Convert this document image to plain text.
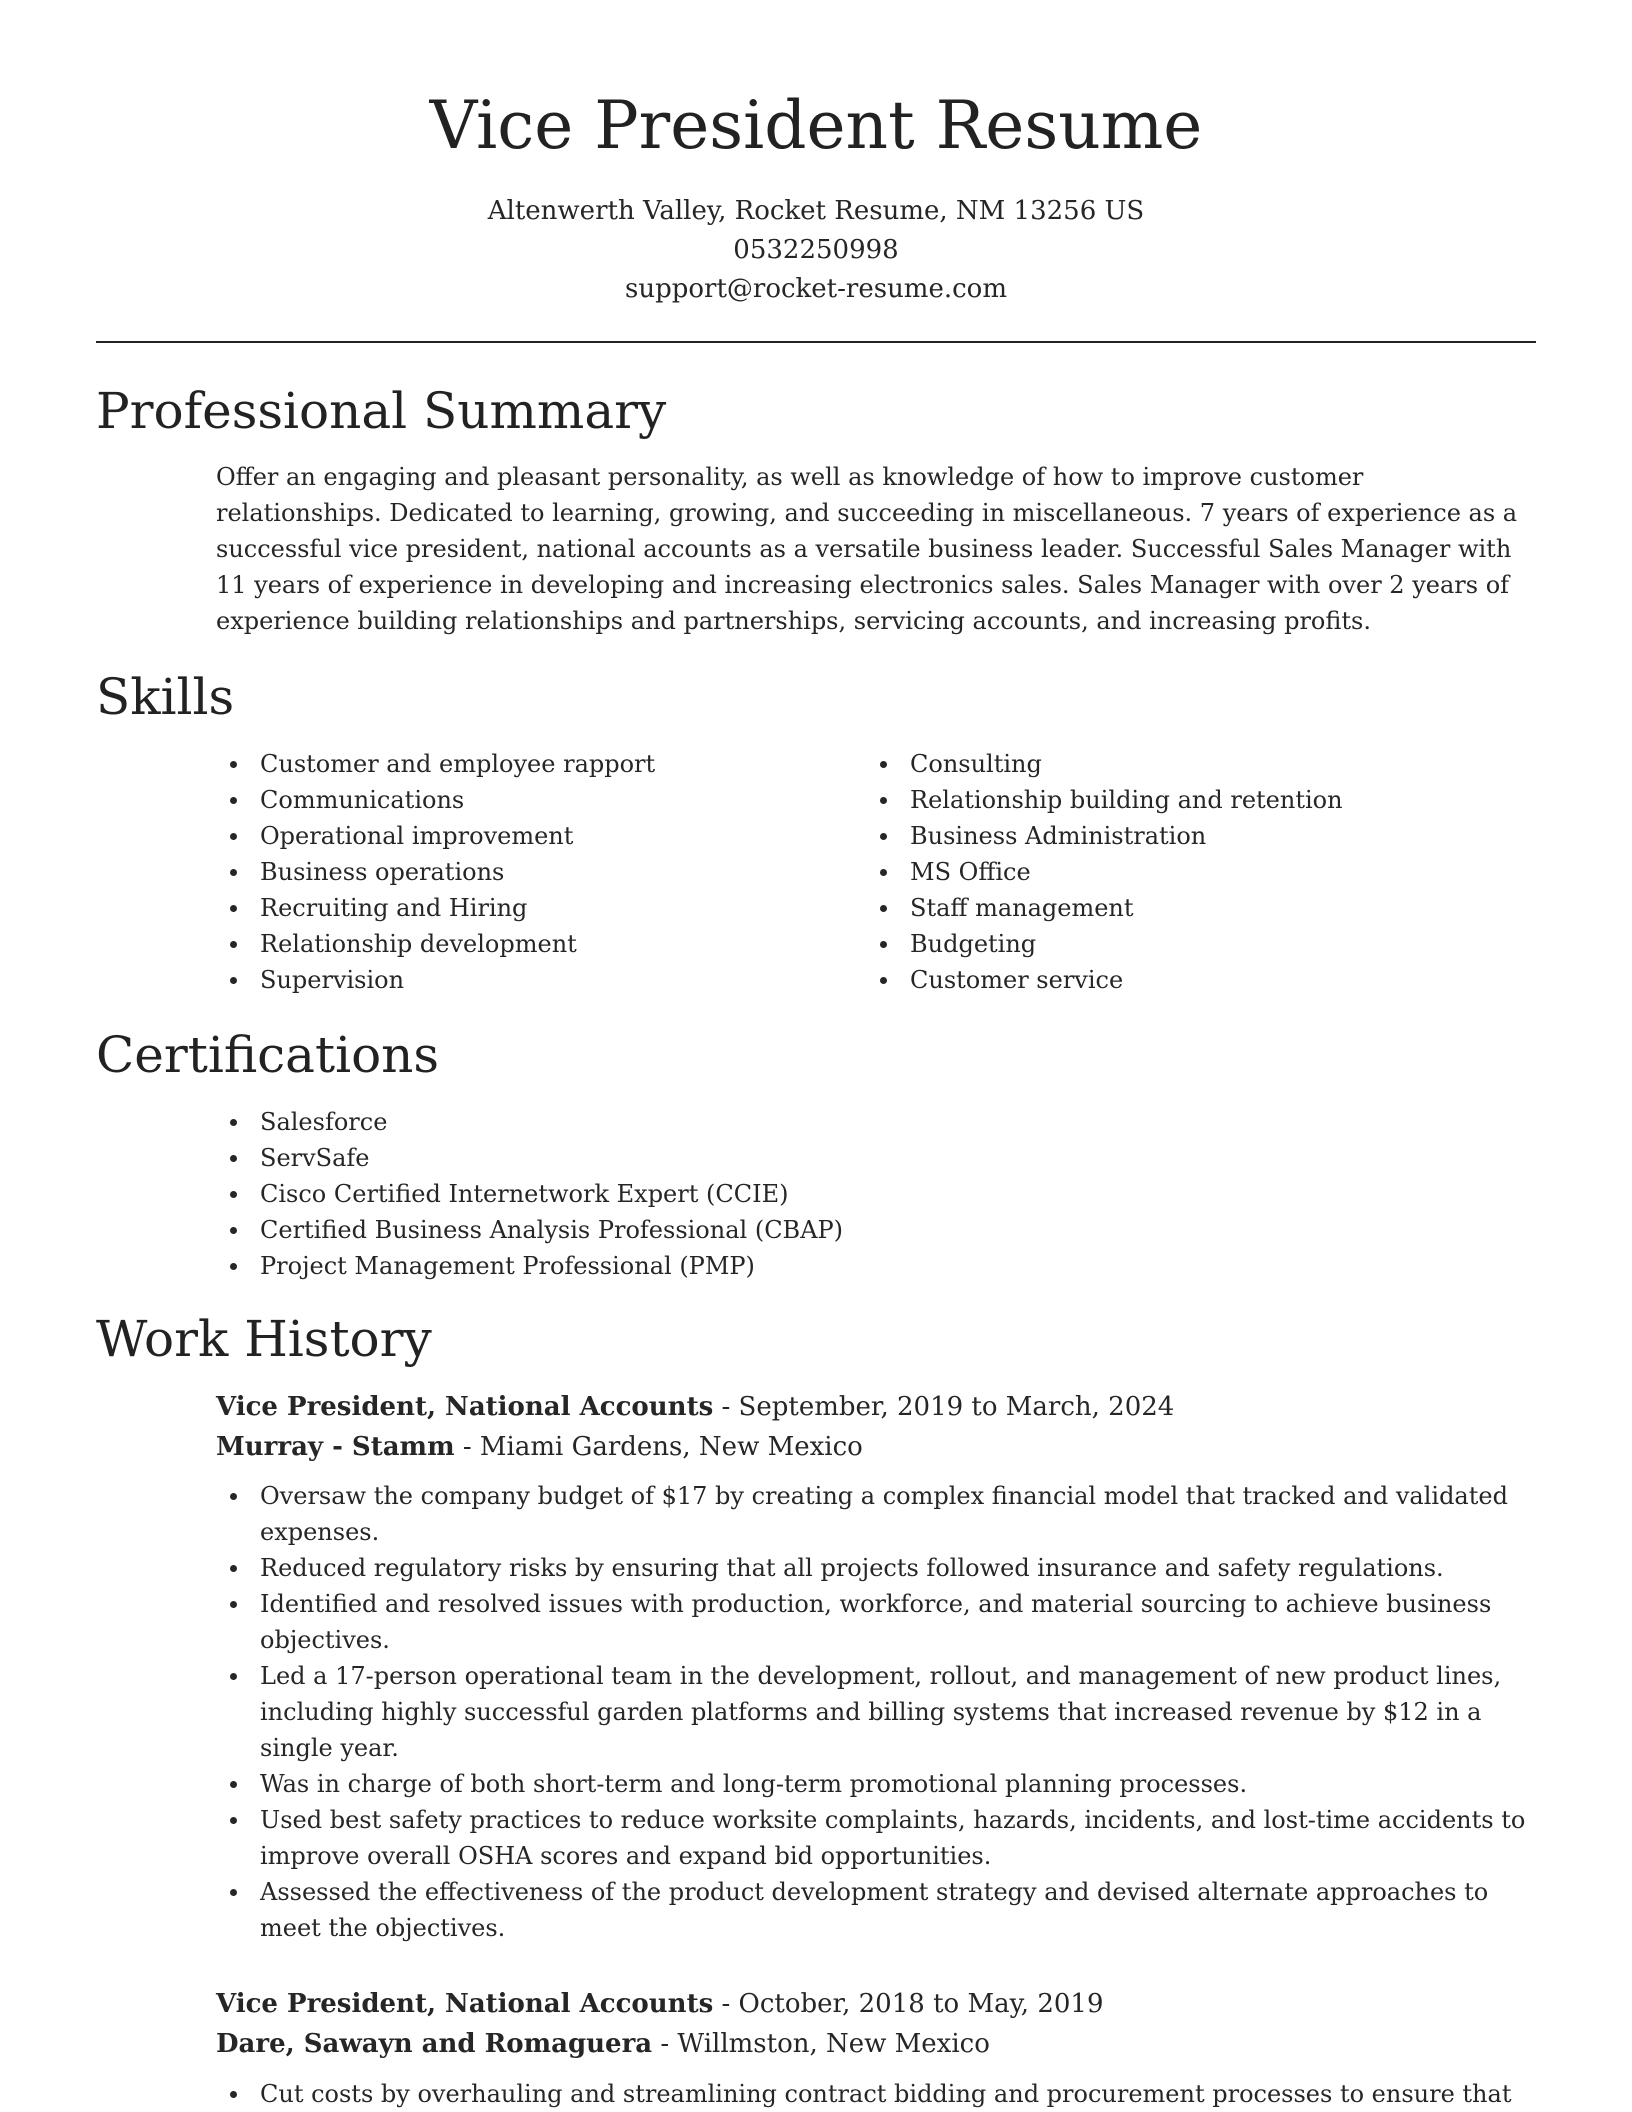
Vice President Resume
Altenwerth Valley, Rocket Resume, NM 13256 US
0532250998
support@rocket-resume.com
Professional Summary

Offer an engaging and pleasant personality, as well as knowledge of how to improve customer relationships. Dedicated to learning, growing, and succeeding in miscellaneous. 7 years of experience as a successful vice president, national accounts as a versatile business leader. Successful Sales Manager with 11 years of experience in developing and increasing electronics sales. Sales Manager with over 2 years of experience building relationships and partnerships, servicing accounts, and increasing profits.

Skills
Customer and employee rapport
Communications
Operational improvement
Business operations
Recruiting and Hiring
Relationship development
Supervision
Consulting
Relationship building and retention
Business Administration
MS Office
Staff management
Budgeting
Customer service
Certifications
Salesforce
ServSafe
Cisco Certified Internetwork Expert (CCIE)
Certified Business Analysis Professional (CBAP)
Project Management Professional (PMP)
Work History
Vice President, National Accounts - September, 2019 to March, 2024
Murray - Stamm - Miami Gardens, New Mexico
Oversaw the company budget of $17 by creating a complex financial model that tracked and validated expenses.
Reduced regulatory risks by ensuring that all projects followed insurance and safety regulations.
Identified and resolved issues with production, workforce, and material sourcing to achieve business objectives.
Led a 17-person operational team in the development, rollout, and management of new product lines, including highly successful garden platforms and billing systems that increased revenue by $12 in a single year.
Was in charge of both short-term and long-term promotional planning processes.
Used best safety practices to reduce worksite complaints, hazards, incidents, and lost-time accidents to improve overall OSHA scores and expand bid opportunities.
Assessed the effectiveness of the product development strategy and devised alternate approaches to meet the objectives.
Vice President, National Accounts - October, 2018 to May, 2019
Dare, Sawayn and Romaguera - Willmston, New Mexico
Cut costs by overhauling and streamlining contract bidding and procurement processes to ensure that
